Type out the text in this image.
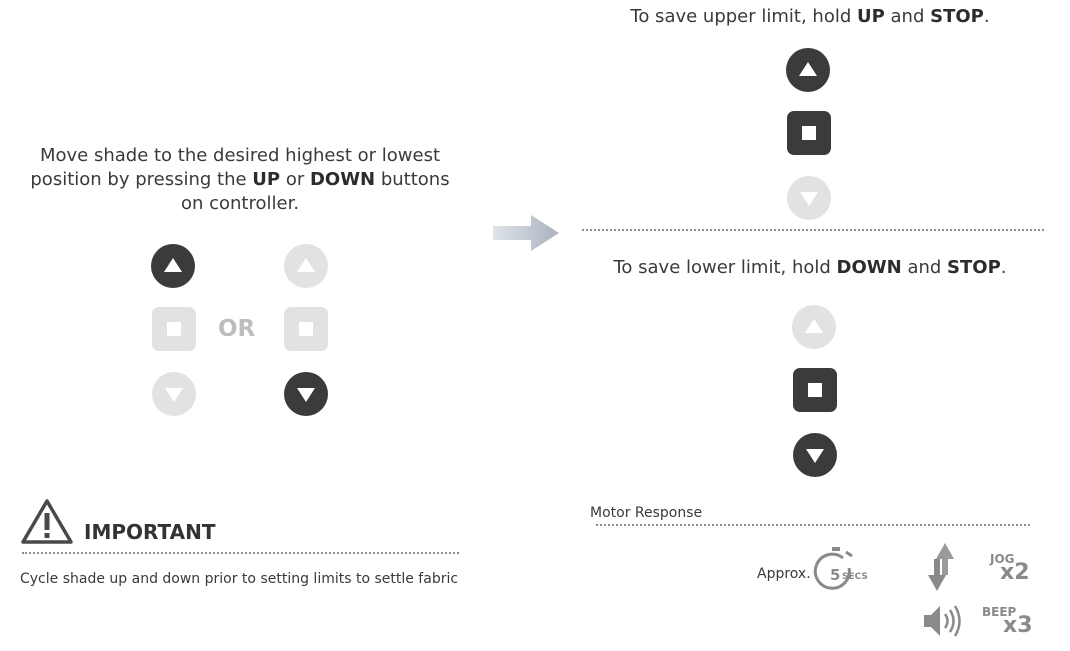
Move shade to the desired highest or lowest
position by pressing the UP or DOWN buttons
on controller.
OR
To save upper limit, hold UP and STOP.
To save lower limit, hold DOWN and STOP.
Motor Response
Approx. 5 SECS
JOG
x2
BEEP
x3
IMPORTANT
Cycle shade up and down prior to setting limits to settle fabric
